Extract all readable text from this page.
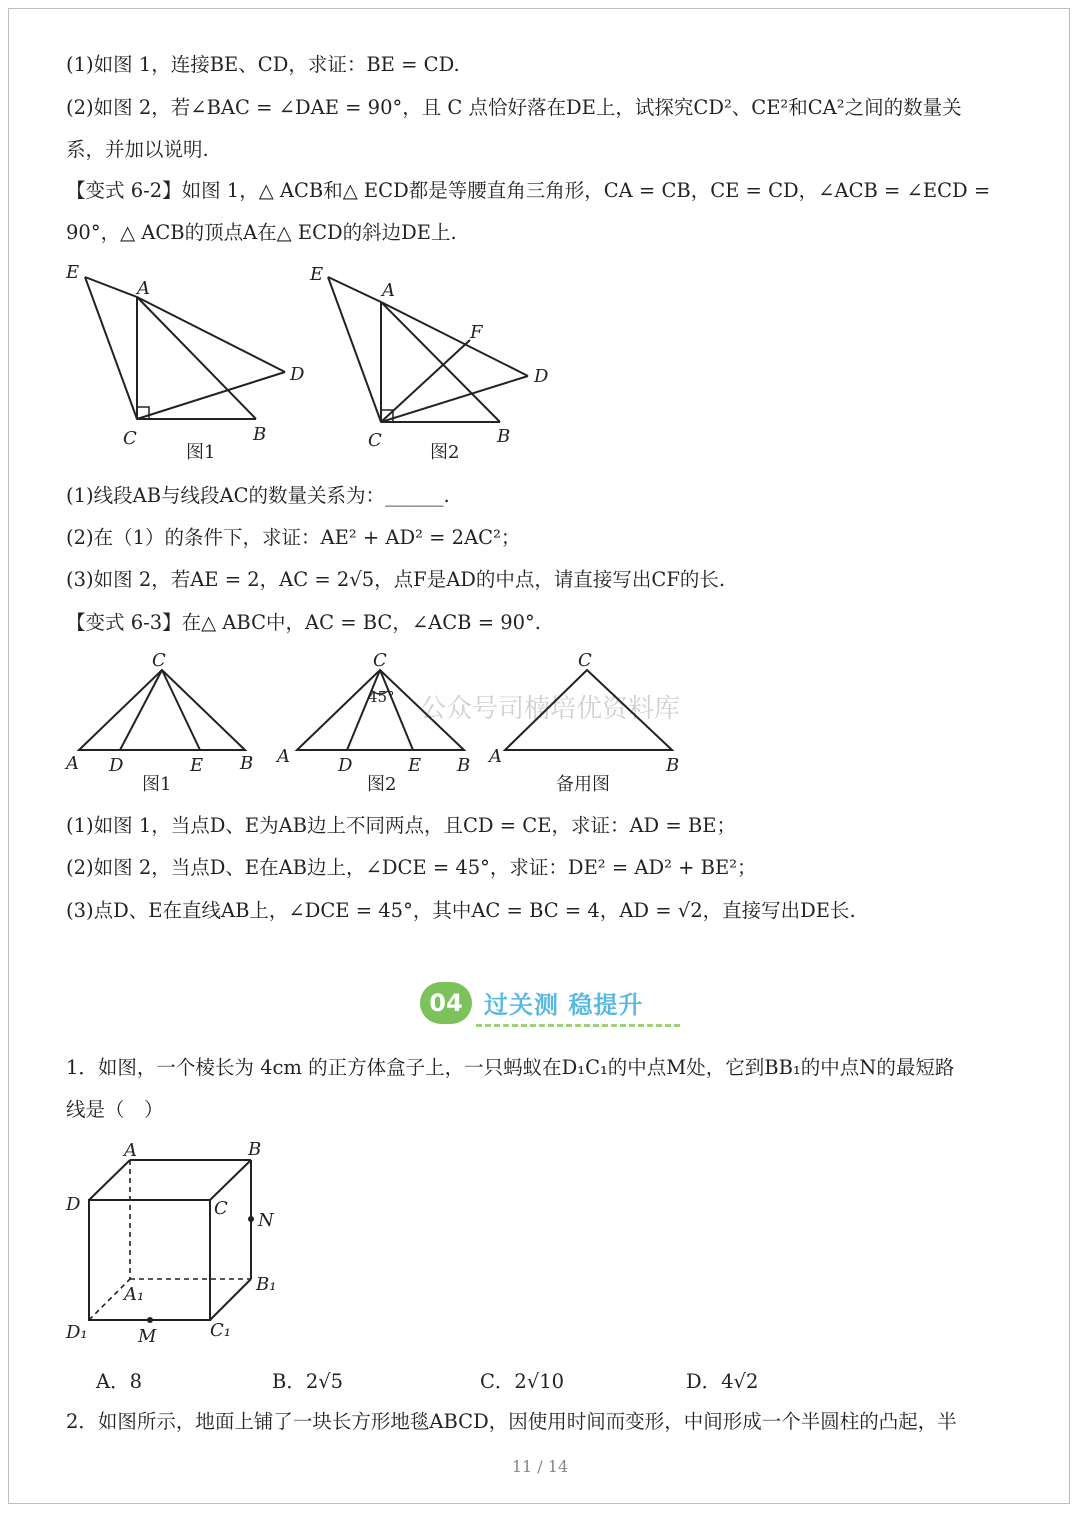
(1)如图 1，连接BE、CD，求证：BE = CD.
(2)如图 2，若∠BAC = ∠DAE = 90°，且 C 点恰好落在DE上，试探究CD²、CE²和CA²之间的数量关
系，并加以说明.
【变式 6-2】如图 1，△ ACB和△ ECD都是等腰直角三角形，CA = CB，CE = CD，∠ACB = ∠ECD =
90°，△ ACB的顶点A在△ ECD的斜边DE上.
E
A
D
C	B
E
A
F
D
C	B
图1	图2
(1)线段AB与线段AC的数量关系为：______.
(2)在（1）的条件下，求证：AE² + AD² = 2AC²；
(3)如图 2，若AE = 2，AC = 2√5，点F是AD的中点，请直接写出CF的长.
【变式 6-3】在△ ABC中，AC = BC，∠ACB = 90°.
公众号司楠培优资料库
C
A D	E B
C
A	D	E B
C
A	B
45°
图1	图2	备用图
(1)如图 1，当点D、E为AB边上不同两点，且CD = CE，求证：AD = BE；
(2)如图 2，当点D、E在AB边上，∠DCE = 45°，求证：DE² = AD² + BE²；
(3)点D、E在直线AB上，∠DCE = 45°，其中AC = BC = 4，AD = √2，直接写出DE长.
04 过关测 稳提升
1．如图，一个棱长为 4cm 的正方体盒子上，一只蚂蚁在D₁C₁的中点M处，它到BB₁的中点N的最短路
线是（　）
A	B
D	C
N
B₁
A₁
D₁	M	C₁
A．8	B．2√5	C．2√10	D．4√2
2．如图所示，地面上铺了一块长方形地毯ABCD，因使用时间而变形，中间形成一个半圆柱的凸起，半
11 / 14
